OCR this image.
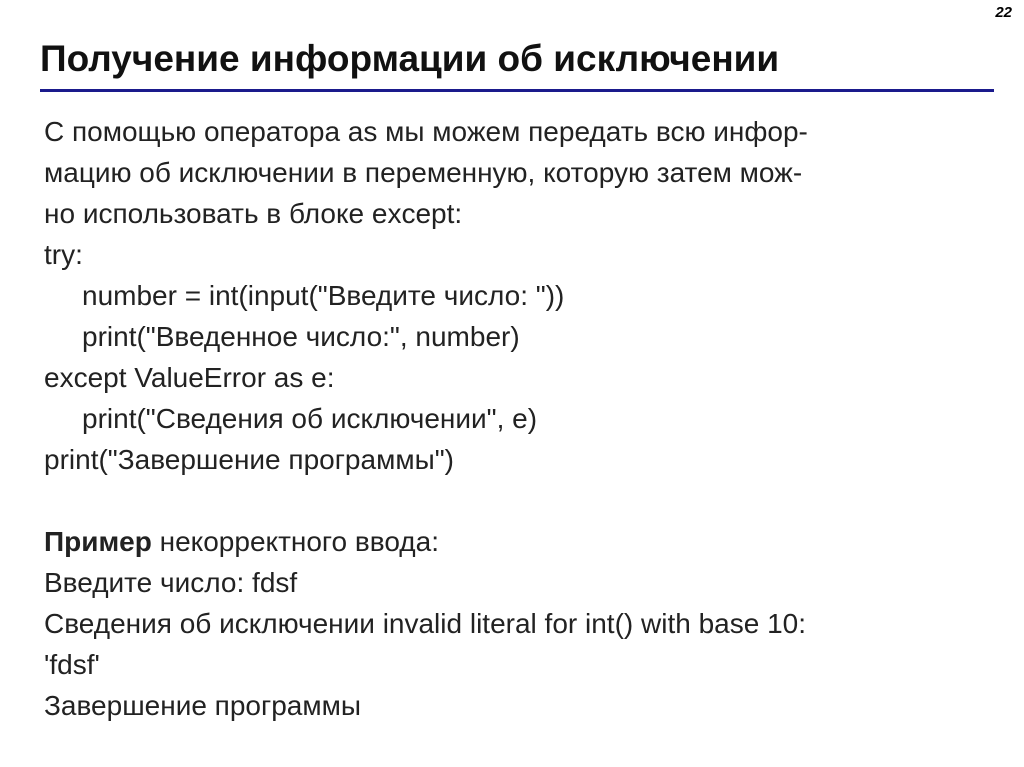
22
Получение информации об исключении
С помощью оператора as мы можем передать всю инфор-
мацию об исключении в переменную, которую затем мож-
но использовать в блоке except:
try:
number = int(input("Введите число: "))
print("Введенное число:", number)
except ValueError as e:
print("Сведения об исключении", e)
print("Завершение программы")
Пример некорректного ввода:
Введите число: fdsf
Сведения об исключении invalid literal for int() with base 10:
'fdsf'
Завершение программы
